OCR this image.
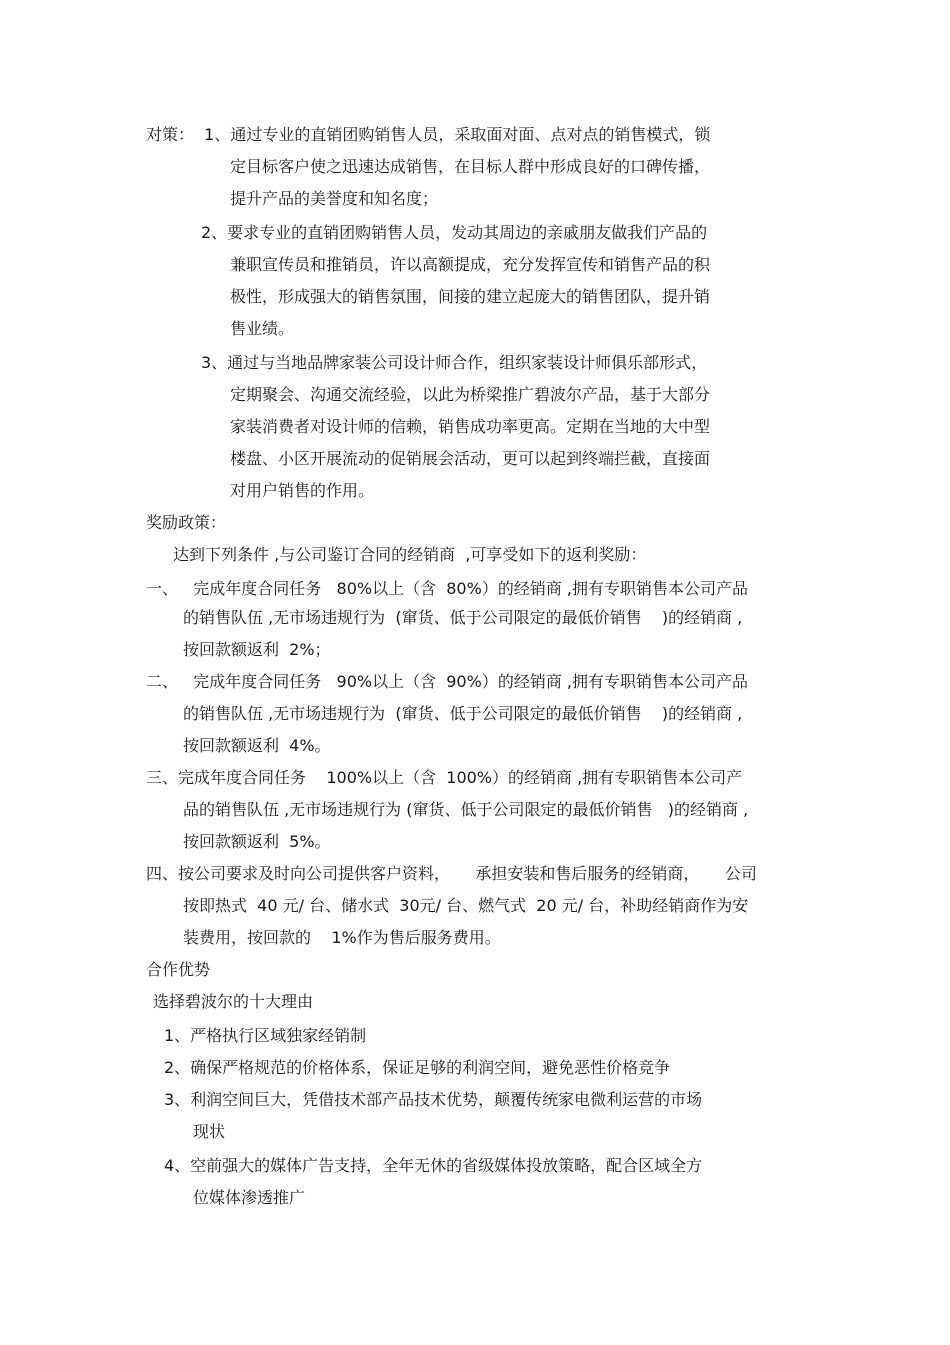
对策：  1、通过专业的直销团购销售人员，采取面对面、点对点的销售模式，锁

定目标客户使之迅速达成销售，在目标人群中形成良好的口碑传播，

提升产品的美誉度和知名度；

2、要求专业的直销团购销售人员，发动其周边的亲戚朋友做我们产品的

兼职宣传员和推销员，许以高额提成，充分发挥宣传和销售产品的积

极性，形成强大的销售氛围，间接的建立起庞大的销售团队，提升销

售业绩。

3、通过与当地品牌家装公司设计师合作，组织家装设计师俱乐部形式，

定期聚会、沟通交流经验，以此为桥梁推广碧波尔产品，基于大部分

家装消费者对设计师的信赖，销售成功率更高。定期在当地的大中型

楼盘、小区开展流动的促销展会活动，更可以起到终端拦截，直接面

对用户销售的作用。

奖励政策：

达到下列条件 ,与公司鉴订合同的经销商  ,可享受如下的返利奖励：

一、   完成年度合同任务   80%以上（含  80%）的经销商 ,拥有专职销售本公司产品

的销售队伍 ,无市场违规行为  (窜货、低于公司限定的最低价销售    )的经销商 ,

按回款额返利  2%；

二、   完成年度合同任务   90%以上（含  90%）的经销商 ,拥有专职销售本公司产品

的销售队伍 ,无市场违规行为  (窜货、低于公司限定的最低价销售    )的经销商 ,

按回款额返利  4%。

三、完成年度合同任务    100%以上（含  100%）的经销商 ,拥有专职销售本公司产

品的销售队伍 ,无市场违规行为 (窜货、低于公司限定的最低价销售   )的经销商 ,

按回款额返利  5%。

四、按公司要求及时向公司提供客户资料，     承担安装和售后服务的经销商，     公司

按即热式  40 元/ 台、储水式  30元/ 台、燃气式  20 元/ 台，补助经销商作为安

装费用，按回款的    1%作为售后服务费用。

合作优势

选择碧波尔的十大理由

1、严格执行区域独家经销制

2、确保严格规范的价格体系，保证足够的利润空间，避免恶性价格竞争

3、利润空间巨大，凭借技术部产品技术优势，颠覆传统家电微利运营的市场

现状

4、空前强大的媒体广告支持，全年无休的省级媒体投放策略，配合区域全方

位媒体渗透推广
